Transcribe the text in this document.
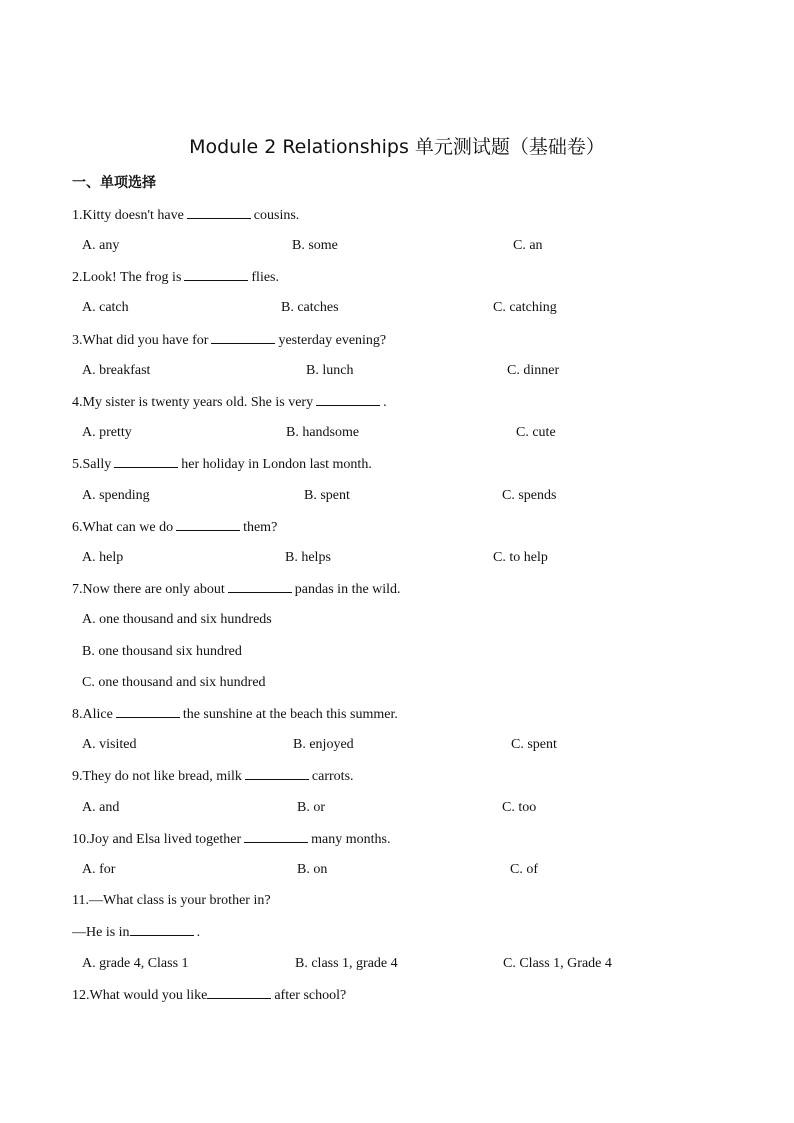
Module 2 Relationships 单元测试题（基础卷）
一、单项选择
1.Kitty doesn't have	cousins.
A. any	B. some	C. an
2.Look! The frog is	flies.
A. catch	B. catches	C. catching
3.What did you have for	yesterday evening?
A. breakfast	B. lunch	C. dinner
4.My sister is twenty years old. She is very	.
A. pretty	B. handsome	C. cute
5.Sally	her holiday in London last month.
A. spending	B. spent	C. spends
6.What can we do	them?
A. help	B. helps	C. to help
7.Now there are only about	pandas in the wild.
A. one thousand and six hundreds
B. one thousand six hundred
C. one thousand and six hundred
8.Alice	the sunshine at the beach this summer.
A. visited	B. enjoyed	C. spent
9.They do not like bread, milk	carrots.
A. and	B. or	C. too
10.Joy and Elsa lived together	many months.
A. for	B. on	C. of
11.—What class is your brother in?
—He is in	.
A. grade 4, Class 1	B. class 1, grade 4	C. Class 1, Grade 4
12.What would you like	after school?
